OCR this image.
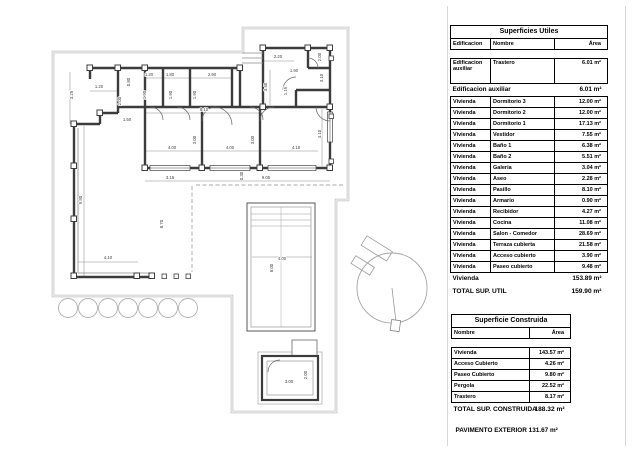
3.25
1.20
0.80
2.00
1.50
1.20	1.80	2.90
1.90	1.90	1.90
8.10
2.20	2.00
3.40
1.90
3.10
1.15
4.10
4.00
3.00
4.00
3.00
4.18
3.15	0.30	9.05
9.90
8.70
4.10	4.00
8.00
3.00
2.00
Superficies Utiles		
Edificacion	Nombre	Área

Edificacion auxiliar	Trastero	6.01 m²
Edificacion auxiliar		6.01 m²
Vivienda	Dormitorio 3	12.00 m²
Vivienda	Dormitorio 2	12.00 m²
Vivienda	Dormitorio 1	17.13 m²
Vivienda	Vestidor	7.55 m²
Vivienda	Baño 1	6.38 m²
Vivienda	Baño 2	5.51 m²
Vivienda	Galeria	3.04 m²
Vivienda	Aseo	2.28 m²
Vivienda	Pasillo	8.10 m²
Vivienda	Armario	0.90 m²
Vivienda	Recibidor	4.27 m²
Vivienda	Cocina	11.08 m²
Vivienda	Salon - Comedor	28.69 m²
Vivienda	Terraza cubierta	21.58 m²
Vivienda	Acceso cubierto	3.90 m²
Vivienda	Paseo cubierto	9.48 m²
Vivienda		153.89 m²
TOTAL SUP. UTIL		159.90 m²
Superficie Construida	
Nombre	Área

Vivienda	143.57 m²
Acceso Cubierto	4.26 m²
Paseo Cubierto	9.80 m²
Pergola	22.52 m²
Trastero	8.17 m²
TOTAL SUP. CONSTRUIDA	188.32 m²
PAVIMENTO EXTERIOR 131.67 m²	
